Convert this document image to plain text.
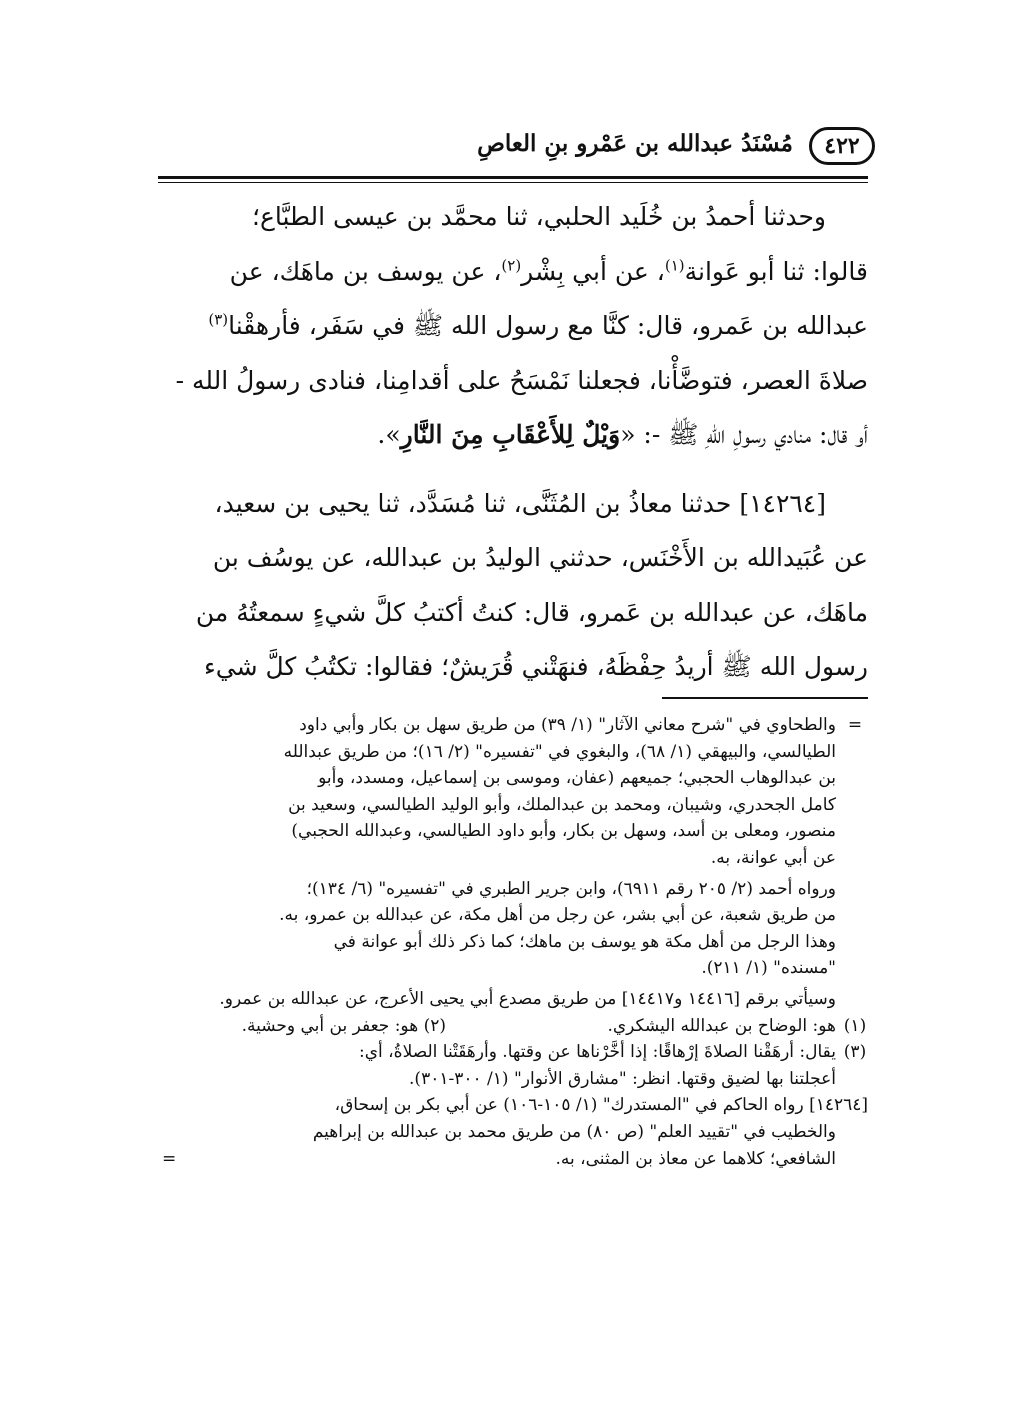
٤٢٢
مُسْنَدُ عبدالله بن عَمْرو بنِ العاصِ

وحدثنا أحمدُ بن خُلَيد الحلبي، ثنا محمَّد بن عيسى الطبَّاع؛

قالوا: ثنا أبو عَوانة$^{(١)}$، عن أبي بِشْر$^{(٢)}$، عن يوسف بن ماهَك، عن

عبدالله بن عَمرو، قال: كنَّا مع رسول الله ﷺ في سَفَر، فأرهقْنا$^{(٣)}$

صلاةَ العصر، فتوضَّأْنا، فجعلنا نَمْسَحُ على أقدامِنا، فنادى رسولُ الله -

أو قال: منادي رسولِ اللهِ ﷺ -: «وَيْلٌ لِلأَعْقَابِ مِنَ النَّارِ».

[١٤٢٦٤] حدثنا معاذُ بن المُثَنَّى، ثنا مُسَدَّد، ثنا يحيى بن سعيد،

عن عُبَيدالله بن الأَخْنَس، حدثني الوليدُ بن عبدالله، عن يوسُف بن

ماهَك، عن عبدالله بن عَمرو، قال: كنتُ أكتبُ كلَّ شيءٍ سمعتُهُ من

رسول الله ﷺ أريدُ حِفْظَهُ، فنهَتْني قُرَيشٌ؛ فقالوا: تكتُبُ كلَّ شيء

=
والطحاوي في "شرح معاني الآثار" (١/ ٣٩) من طريق سهل بن بكار وأبي داود
الطيالسي، والبيهقي (١/ ٦٨)، والبغوي في "تفسيره" (٢/ ١٦)؛ من طريق عبدالله
بن عبدالوهاب الحجبي؛ جميعهم (عفان، وموسى بن إسماعيل، ومسدد، وأبو
كامل الجحدري، وشيبان، ومحمد بن عبدالملك، وأبو الوليد الطيالسي، وسعيد بن
منصور، ومعلى بن أسد، وسهل بن بكار، وأبو داود الطيالسي، وعبدالله الحجبي)
عن أبي عوانة، به.
ورواه أحمد (٢/ ٢٠٥ رقم ٦٩١١)، وابن جرير الطبري في "تفسيره" (٦/ ١٣٤)؛
من طريق شعبة، عن أبي بشر، عن رجل من أهل مكة، عن عبدالله بن عمرو، به.
وهذا الرجل من أهل مكة هو يوسف بن ماهك؛ كما ذكر ذلك أبو عوانة في
"مسنده" (١/ ٢١١).
وسيأتي برقم [١٤٤١٦ و١٤٤١٧] من طريق مصدع أبي يحيى الأعرج، عن عبدالله بن عمرو.
(١)
هو: الوضاح بن عبدالله اليشكري.
(٢)

هو: جعفر بن أبي وحشية.
(٣)
يقال: أرهَقْنا الصلاةَ إرْهاقًا: إذا أخَّرْناها عن وقتها. وأرهَقَتْنا الصلاةُ، أي:
أعجلتنا بها لضيق وقتها. انظر: "مشارق الأنوار" (١/ ٣٠٠-٣٠١).
[١٤٢٦٤] رواه الحاكم في "المستدرك" (١/ ١٠٥-١٠٦) عن أبي بكر بن إسحاق،
والخطيب في "تقييد العلم" (ص ٨٠) من طريق محمد بن عبدالله بن إبراهيم
الشافعي؛ كلاهما عن معاذ بن المثنى، به.
=
